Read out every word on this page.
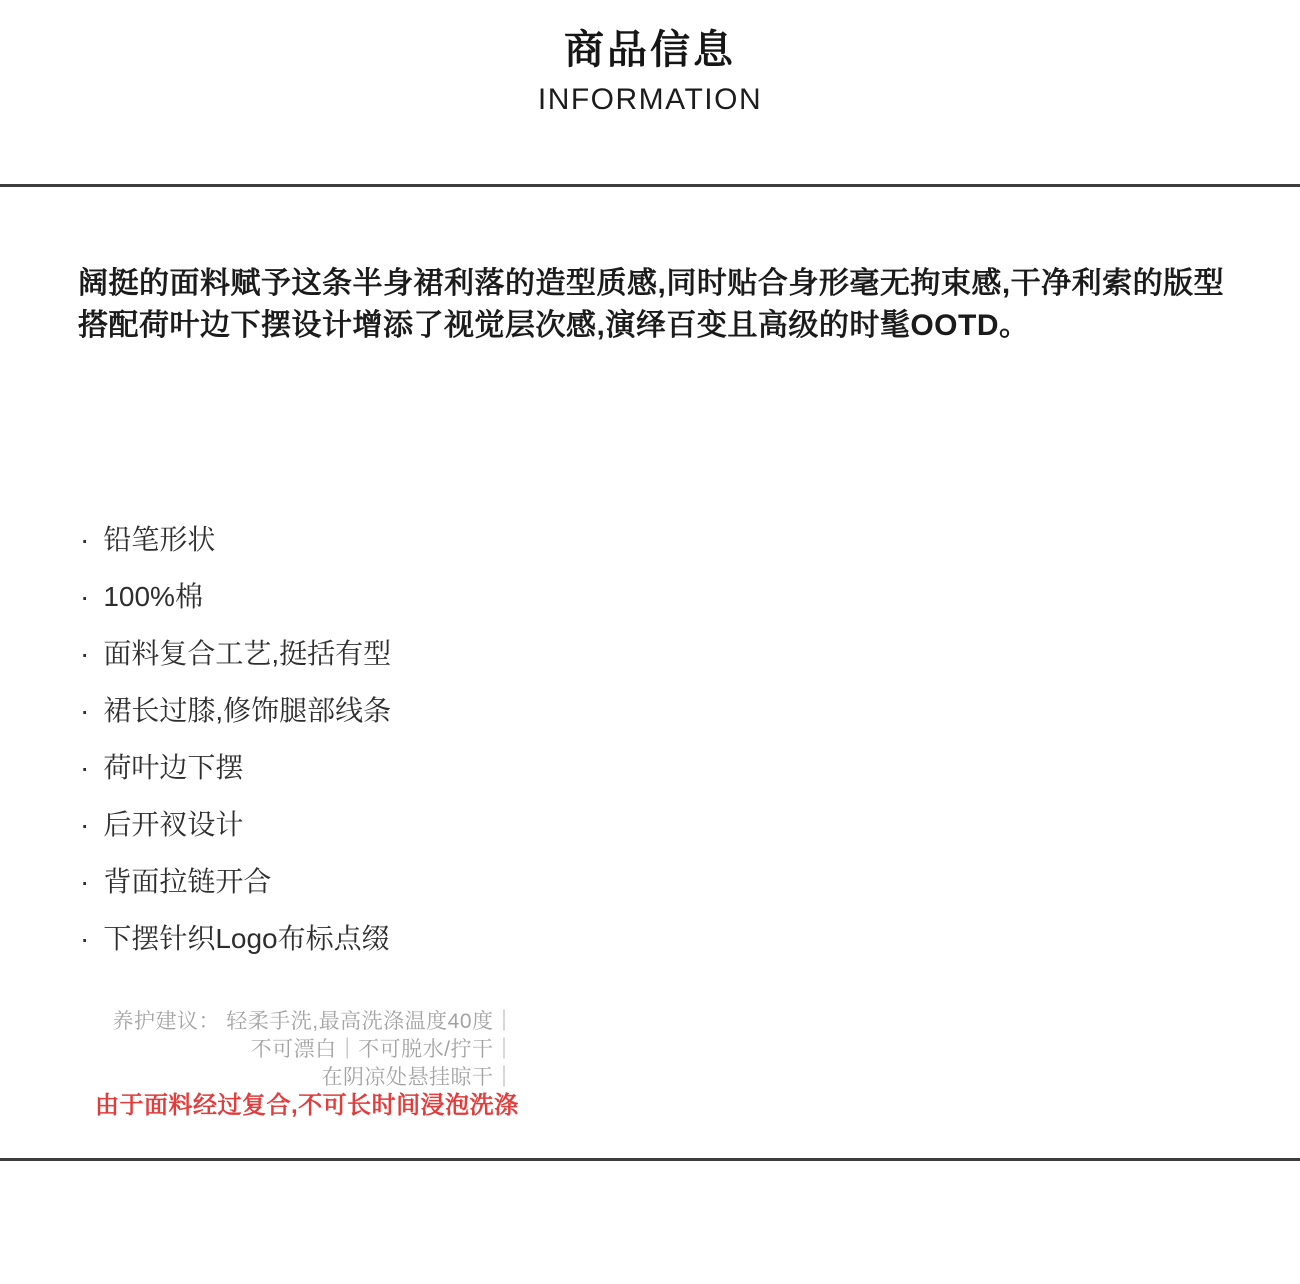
商品信息
INFORMATION
阔挺的面料赋予这条半身裙利落的造型质感,同时贴合身形毫无拘束感,干净利索的版型
搭配荷叶边下摆设计增添了视觉层次感,演绎百变且高级的时髦OOTD。
· 铅笔形状
· 100%棉
· 面料复合工艺,挺括有型
· 裙长过膝,修饰腿部线条
· 荷叶边下摆
· 后开衩设计
· 背面拉链开合
· 下摆针织Logo布标点缀
养护建议： 轻柔手洗,最高洗涤温度40度｜
不可漂白｜不可脱水/拧干｜
在阴凉处悬挂晾干｜
由于面料经过复合,不可长时间浸泡洗涤
